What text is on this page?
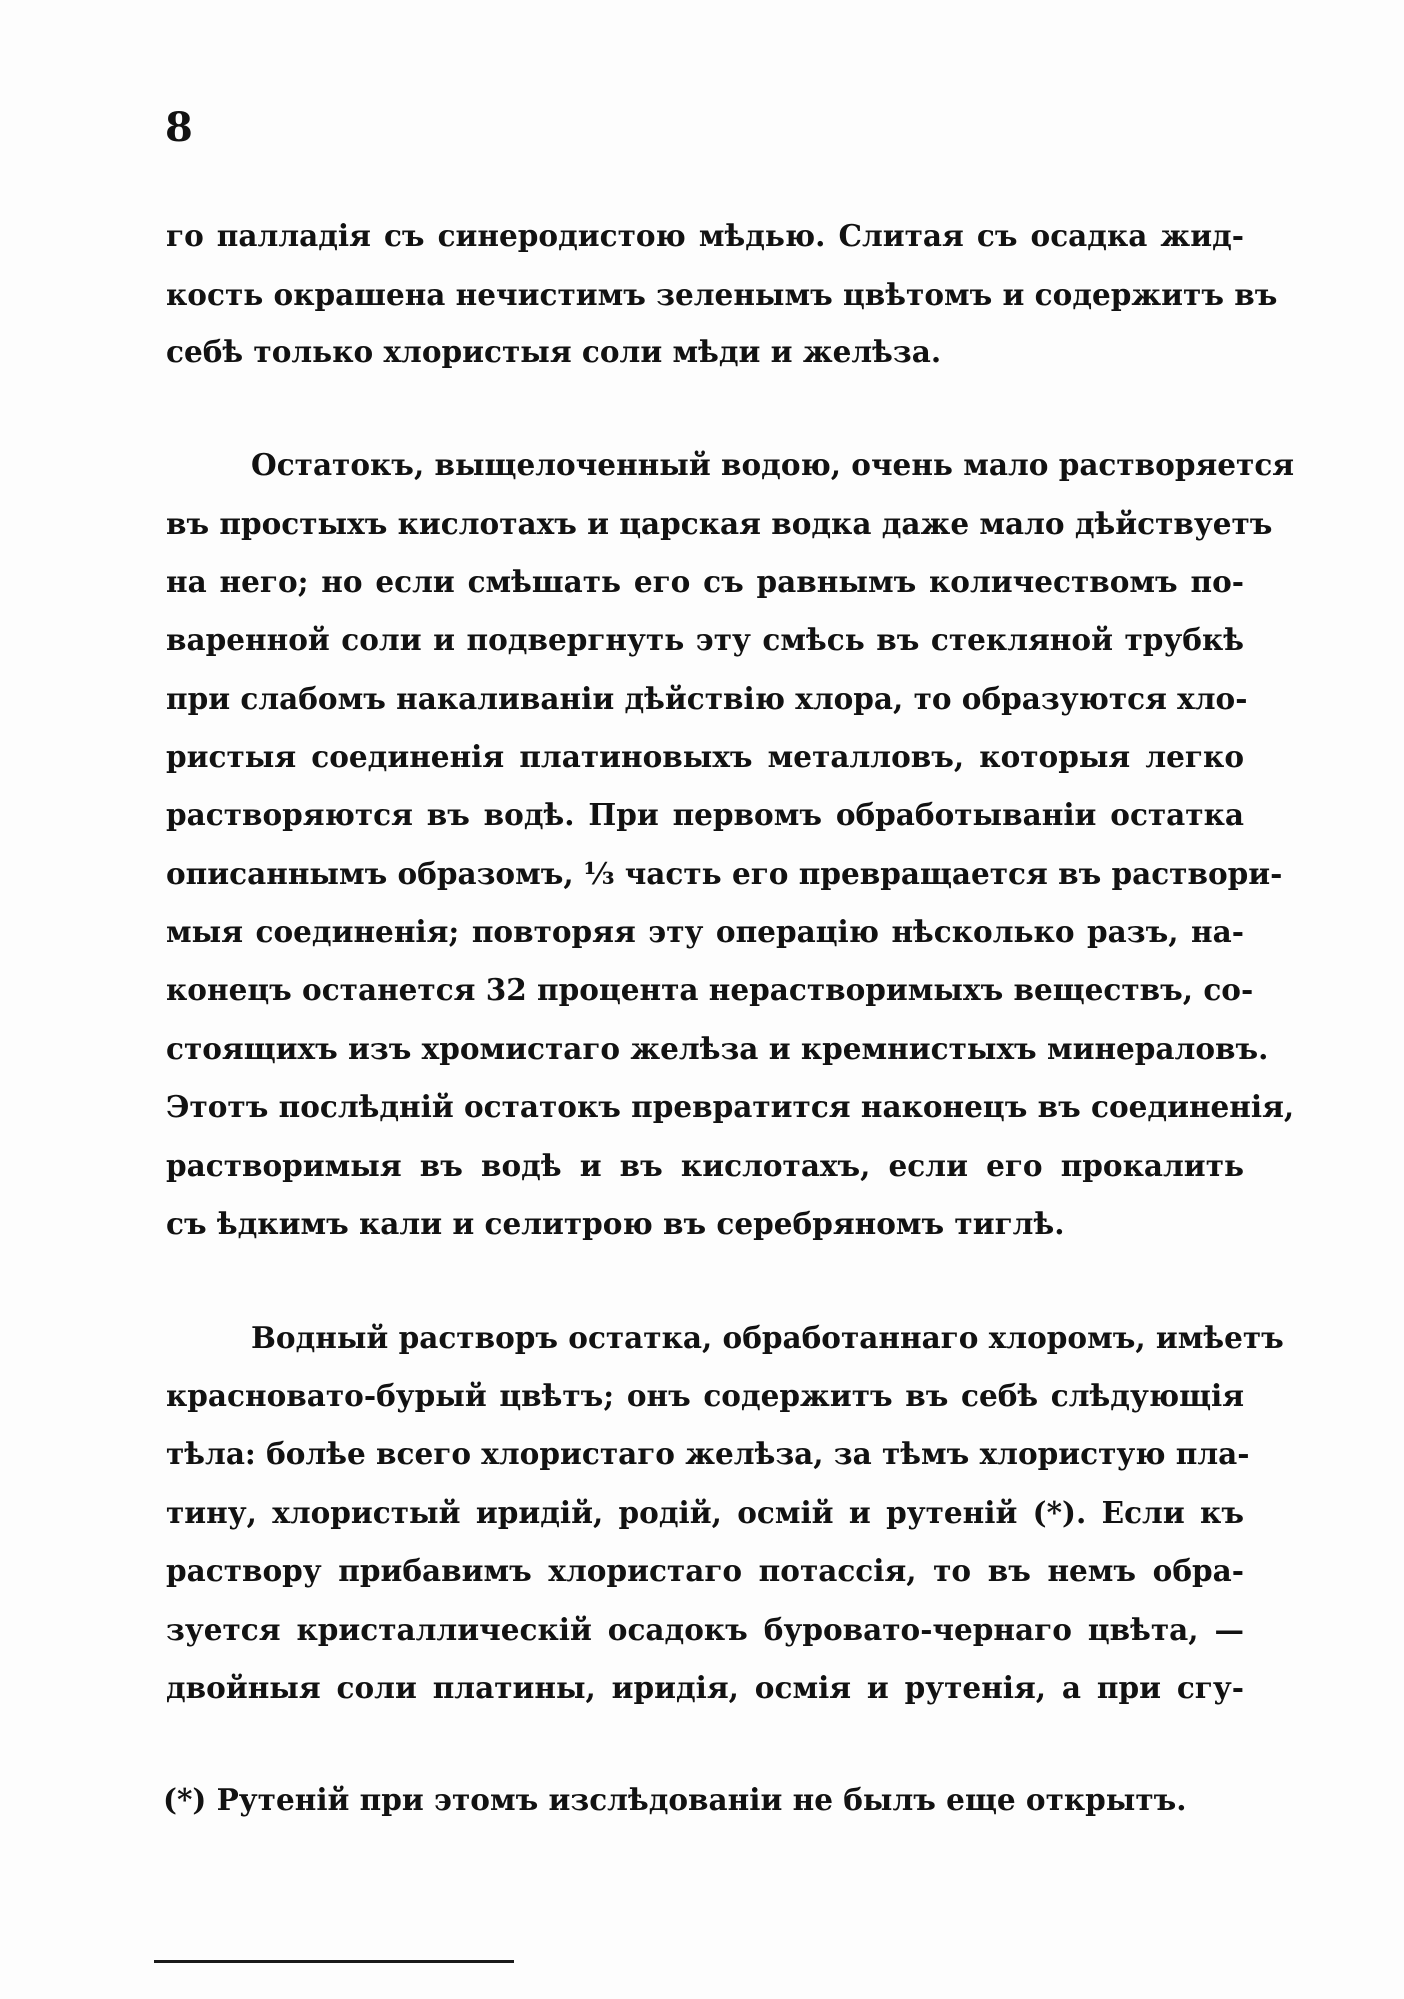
8
го палладія съ синеродистою мѣдью. Слитая съ осадка жид-
кость окрашена нечистимъ зеленымъ цвѣтомъ и содержитъ въ
себѣ только хлористыя соли мѣди и желѣза.
Остатокъ, выщелоченный водою, очень мало растворяется
въ простыхъ кислотахъ и царская водка даже мало дѣйствуетъ
на него; но если смѣшать его съ равнымъ количествомъ по-
варенной соли и подвергнуть эту смѣсь въ стекляной трубкѣ
при слабомъ накаливаніи дѣйствію хлора, то образуются хло-
ристыя соединенія платиновыхъ металловъ, которыя легко
растворяются въ водѣ. При первомъ обработываніи остатка
описаннымъ образомъ, ⅓ часть его превращается въ раствори-
мыя соединенія; повторяя эту операцію нѣсколько разъ, на-
конецъ останется 32 процента нерастворимыхъ веществъ, со-
стоящихъ изъ хромистаго желѣза и кремнистыхъ минераловъ.
Этотъ послѣдній остатокъ превратится наконецъ въ соединенія,
растворимыя въ водѣ и въ кислотахъ, если его прокалить
съ ѣдкимъ кали и селитрою въ серебряномъ тиглѣ.
Водный растворъ остатка, обработаннаго хлоромъ, имѣетъ
красновато-бурый цвѣтъ; онъ содержитъ въ себѣ слѣдующія
тѣла: болѣе всего хлористаго желѣза, за тѣмъ хлористую пла-
тину, хлористый иридій, родій, осмій и рутеній (*). Если къ
раствору прибавимъ хлористаго потассія, то въ немъ обра-
зуется кристаллическій осадокъ буровато-чернаго цвѣта, —
двойныя соли платины, иридія, осмія и рутенія, а при сгу-
(*) Рутеній при этомъ изслѣдованіи не былъ еще открытъ.
